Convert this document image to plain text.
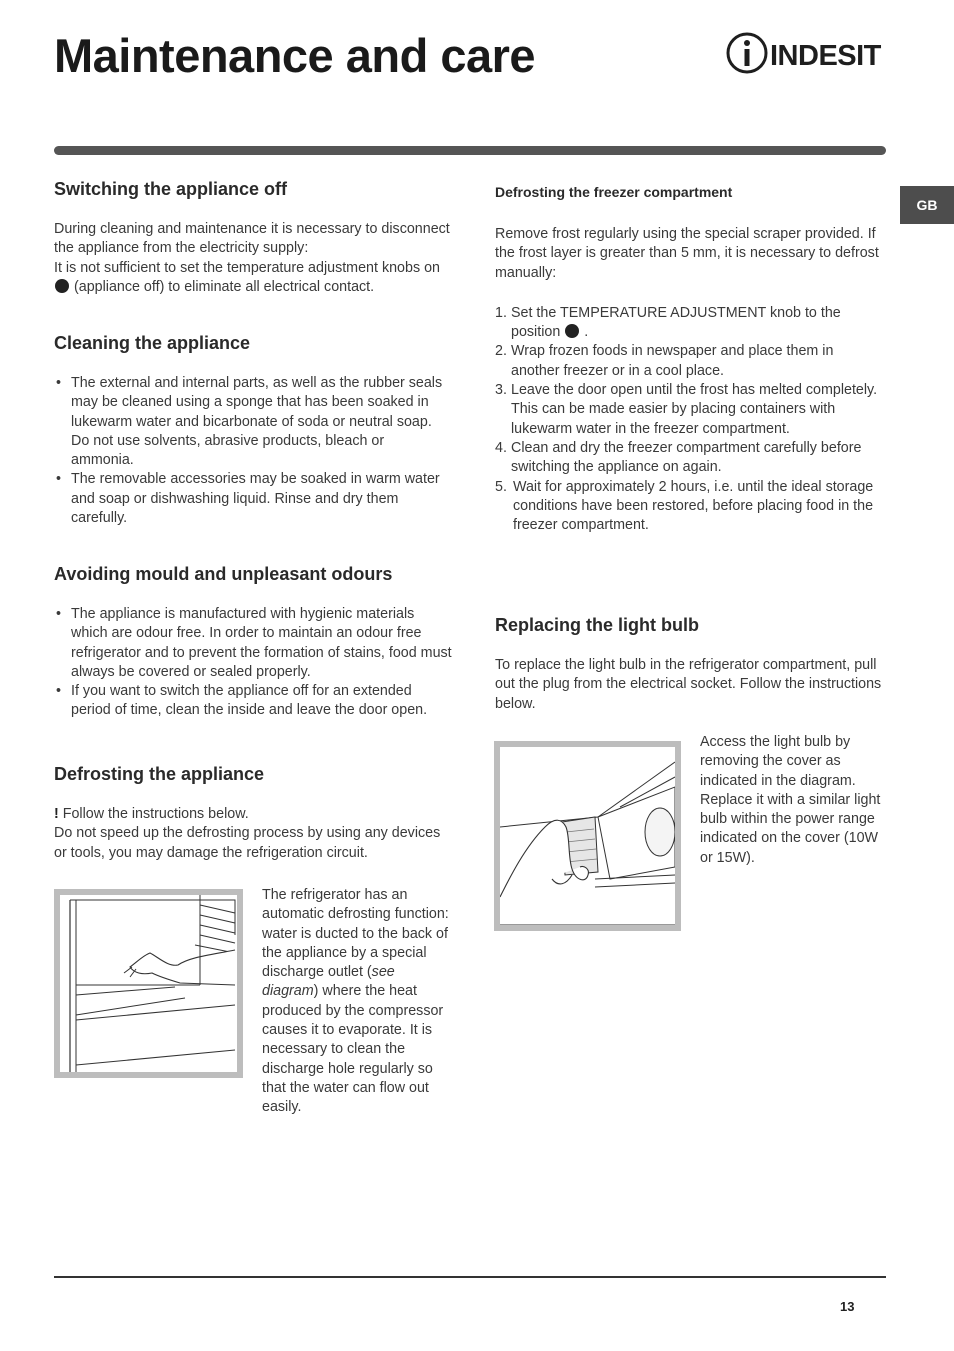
Maintenance and care	INDESIT
GB
Switching the appliance off

During cleaning and maintenance it is necessary to disconnect the appliance from the electricity supply:

It is not sufficient to set the temperature adjustment knobs on  (appliance off) to eliminate all electrical contact.

Cleaning the appliance
• The external and internal parts, as well as the rubber seals may be cleaned using a sponge that has been soaked in lukewarm water and bicarbonate of soda or neutral soap. Do not use solvents, abrasive products, bleach or ammonia.
• The removable accessories may be soaked in warm water and soap or dishwashing liquid. Rinse and dry them carefully.
Avoiding mould and unpleasant odours
• The appliance is manufactured with hygienic materials which are odour free. In order to maintain an odour free refrigerator and to prevent the formation of stains, food must always be covered or sealed properly.
• If you want to switch the appliance off for an extended period of time, clean the inside and leave the door open.
Defrosting the appliance

! Follow the instructions below.

Do not speed up the defrosting process by using any devices or tools, you may damage the refrigeration circuit.

The refrigerator has an automatic defrosting function: water is ducted to the back of the appliance by a special discharge outlet (see diagram) where the heat produced by the compressor causes it to evaporate. It is necessary to clean the discharge hole regularly so that the water can flow out easily.
Defrosting the freezer compartment

Remove frost regularly using the special scraper provided. If the frost layer is greater than 5 mm, it is necessary to defrost manually:

1. Set the TEMPERATURE ADJUSTMENT knob to the position .
2. Wrap frozen foods in newspaper and place them in another freezer or in a cool place.
3. Leave the door open until the frost has melted completely. This can be made easier by placing containers with lukewarm water in the freezer compartment.
4. Clean and dry the freezer compartment carefully before switching the appliance on again.
5. Wait for approximately 2 hours, i.e. until the ideal storage conditions have been restored, before placing food in the freezer compartment.
Replacing the light bulb

To replace the light bulb in the refrigerator compartment, pull out the plug from the electrical socket. Follow the instructions below.

Access the light bulb by removing the cover as indicated in the diagram. Replace it with a similar light bulb within the power range indicated on the cover (10W or 15W).
13
